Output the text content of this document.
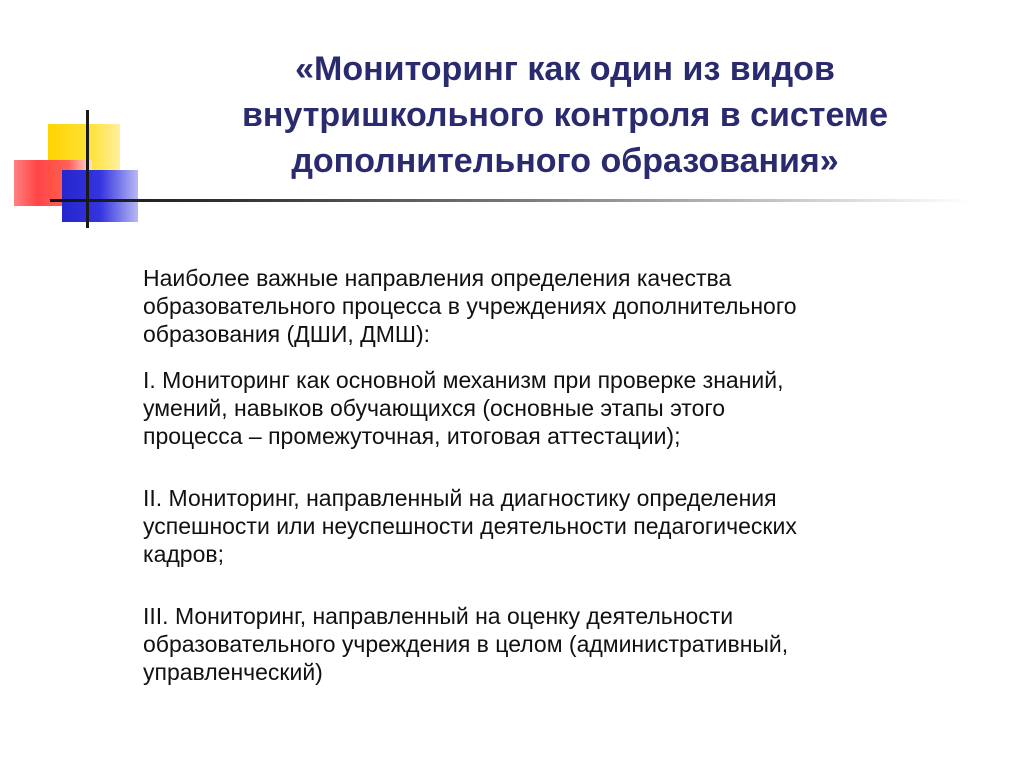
«Мониторинг как один из видов
внутришкольного контроля в системе
дополнительного образования»

Наиболее важные направления определения качества
образовательного процесса в учреждениях дополнительного
образования (ДШИ, ДМШ):

I. Мониторинг как основной механизм при проверке знаний,
умений, навыков обучающихся (основные этапы этого
процесса – промежуточная, итоговая аттестации);

II. Мониторинг, направленный на диагностику определения
успешности или неуспешности деятельности педагогических
кадров;

III. Мониторинг, направленный на оценку деятельности
образовательного учреждения в целом (административный,
управленческий)
